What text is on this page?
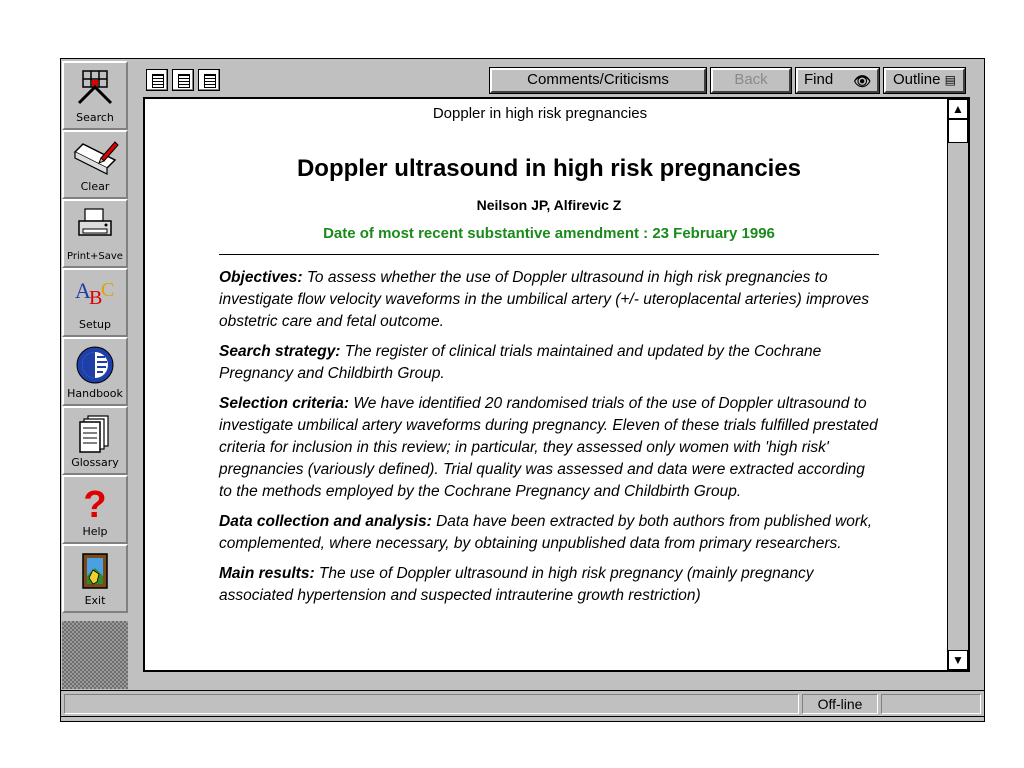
Search
Clear
Print+Save
A
B
C
Setup
Handbook
Glossary
?
Help
Exit
Comments/Criticisms	Back	Find 👁︎	Outline ▤
Doppler in high risk pregnancies
Doppler ultrasound in high risk pregnancies
Neilson JP, Alfirevic Z
Date of most recent substantive amendment : 23 February 1996

Objectives: To assess whether the use of Doppler ultrasound in high risk pregnancies to investigate flow velocity waveforms in the umbilical artery (+/- uteroplacental arteries) improves obstetric care and fetal outcome.

Search strategy: The register of clinical trials maintained and updated by the Cochrane Pregnancy and Childbirth Group.

Selection criteria: We have identified 20 randomised trials of the use of Doppler ultrasound to investigate umbilical artery waveforms during pregnancy. Eleven of these trials fulfilled prestated criteria for inclusion in this review; in particular, they assessed only women with 'high risk' pregnancies (variously defined). Trial quality was assessed and data were extracted according to the methods employed by the Cochrane Pregnancy and Childbirth Group.

Data collection and analysis: Data have been extracted by both authors from published work, complemented, where necessary, by obtaining unpublished data from primary researchers.

Main results: The use of Doppler ultrasound in high risk pregnancy (mainly pregnancy associated hypertension and suspected intrauterine growth restriction)

▲
▼
Off-line
